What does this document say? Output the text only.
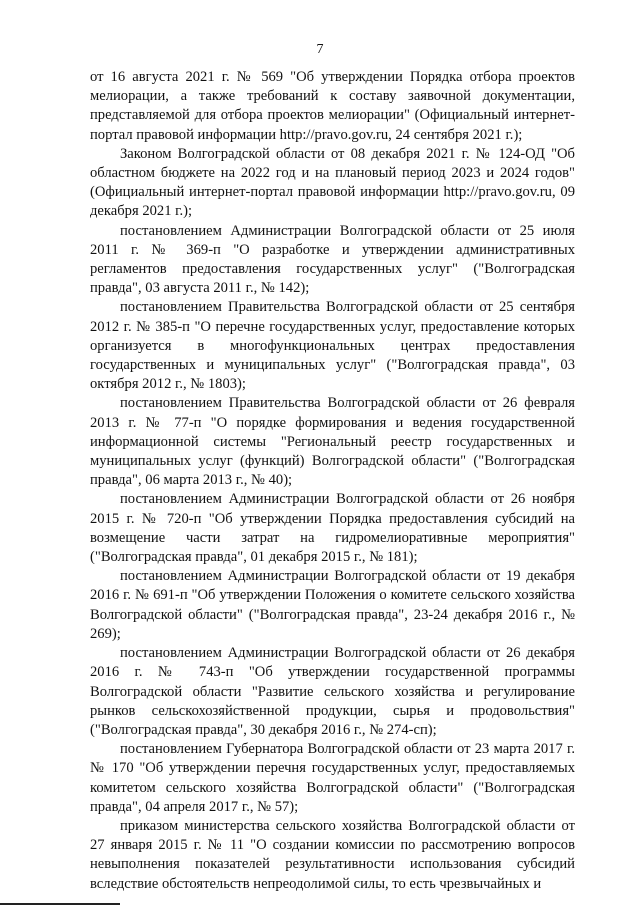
7

от 16 августа 2021 г. № 569 "Об утверждении Порядка отбора проектов мелиорации, а также требований к составу заявочной документации, представляемой для отбора проектов мелиорации" (Официальный интернет-портал правовой информации http://pravo.gov.ru, 24 сентября 2021 г.);

Законом Волгоградской области от 08 декабря 2021 г. № 124-ОД "Об областном бюджете на 2022 год и на плановый период 2023 и 2024 годов" (Официальный интернет-портал правовой информации http://pravo.gov.ru, 09 декабря 2021 г.);

постановлением Администрации Волгоградской области от 25 июля 2011 г. № 369-п "О разработке и утверждении административных регламентов предоставления государственных услуг" ("Волгоградская правда", 03 августа 2011 г., № 142);

постановлением Правительства Волгоградской области от 25 сентября 2012 г. № 385-п "О перечне государственных услуг, предоставление которых организуется в многофункциональных центрах предоставления государственных и муниципальных услуг" ("Волгоградская правда", 03 октября 2012 г., № 1803);

постановлением Правительства Волгоградской области от 26 февраля 2013 г. № 77-п "О порядке формирования и ведения государственной информационной системы "Региональный реестр государственных и муниципальных услуг (функций) Волгоградской области" ("Волгоградская правда", 06 марта 2013 г., № 40);

постановлением Администрации Волгоградской области от 26 ноября 2015 г. № 720-п "Об утверждении Порядка предоставления субсидий на возмещение части затрат на гидромелиоративные мероприятия" ("Волгоградская правда", 01 декабря 2015 г., № 181);

постановлением Администрации Волгоградской области от 19 декабря 2016 г. № 691-п "Об утверждении Положения о комитете сельского хозяйства Волгоградской области" ("Волгоградская правда", 23-24 декабря 2016 г., № 269);

постановлением Администрации Волгоградской области от 26 декабря 2016 г. № 743-п "Об утверждении государственной программы Волгоградской области "Развитие сельского хозяйства и регулирование рынков сельскохозяйственной продукции, сырья и продовольствия" ("Волгоградская правда", 30 декабря 2016 г., № 274-сп);

постановлением Губернатора Волгоградской области от 23 марта 2017 г. № 170 "Об утверждении перечня государственных услуг, предоставляемых комитетом сельского хозяйства Волгоградской области" ("Волгоградская правда", 04 апреля 2017 г., № 57);

приказом министерства сельского хозяйства Волгоградской области от 27 января 2015 г. № 11 "О создании комиссии по рассмотрению вопросов невыполнения показателей результативности использования субсидий вследствие обстоятельств непреодолимой силы, то есть чрезвычайных и
